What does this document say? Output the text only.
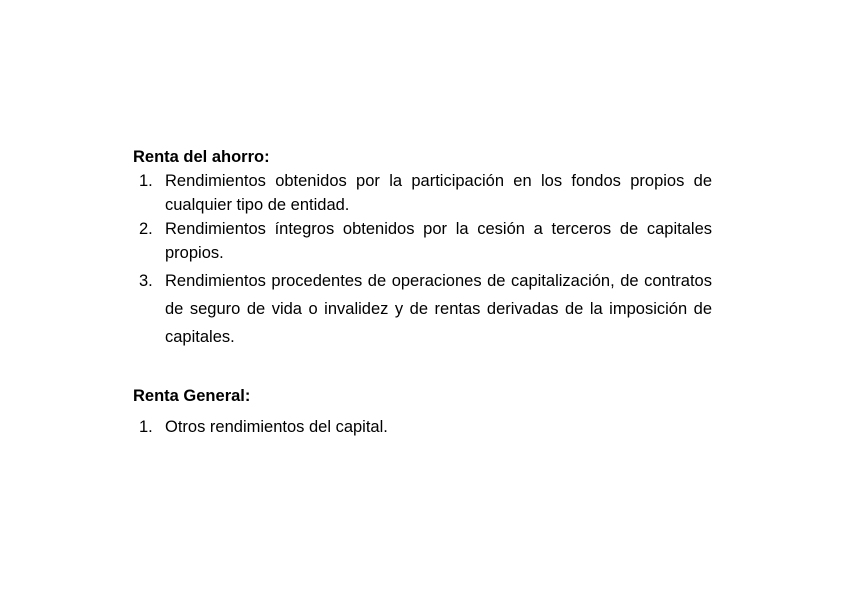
Renta del ahorro:

1. Rendimientos obtenidos por la participación en los fondos propios de cualquier tipo de entidad.
2. Rendimientos íntegros obtenidos por la cesión a terceros de capitales propios.
3. Rendimientos procedentes de operaciones de capitalización, de contratos de seguro de vida o invalidez y de rentas derivadas de la imposición de capitales.

Renta General:

1. Otros rendimientos del capital.
